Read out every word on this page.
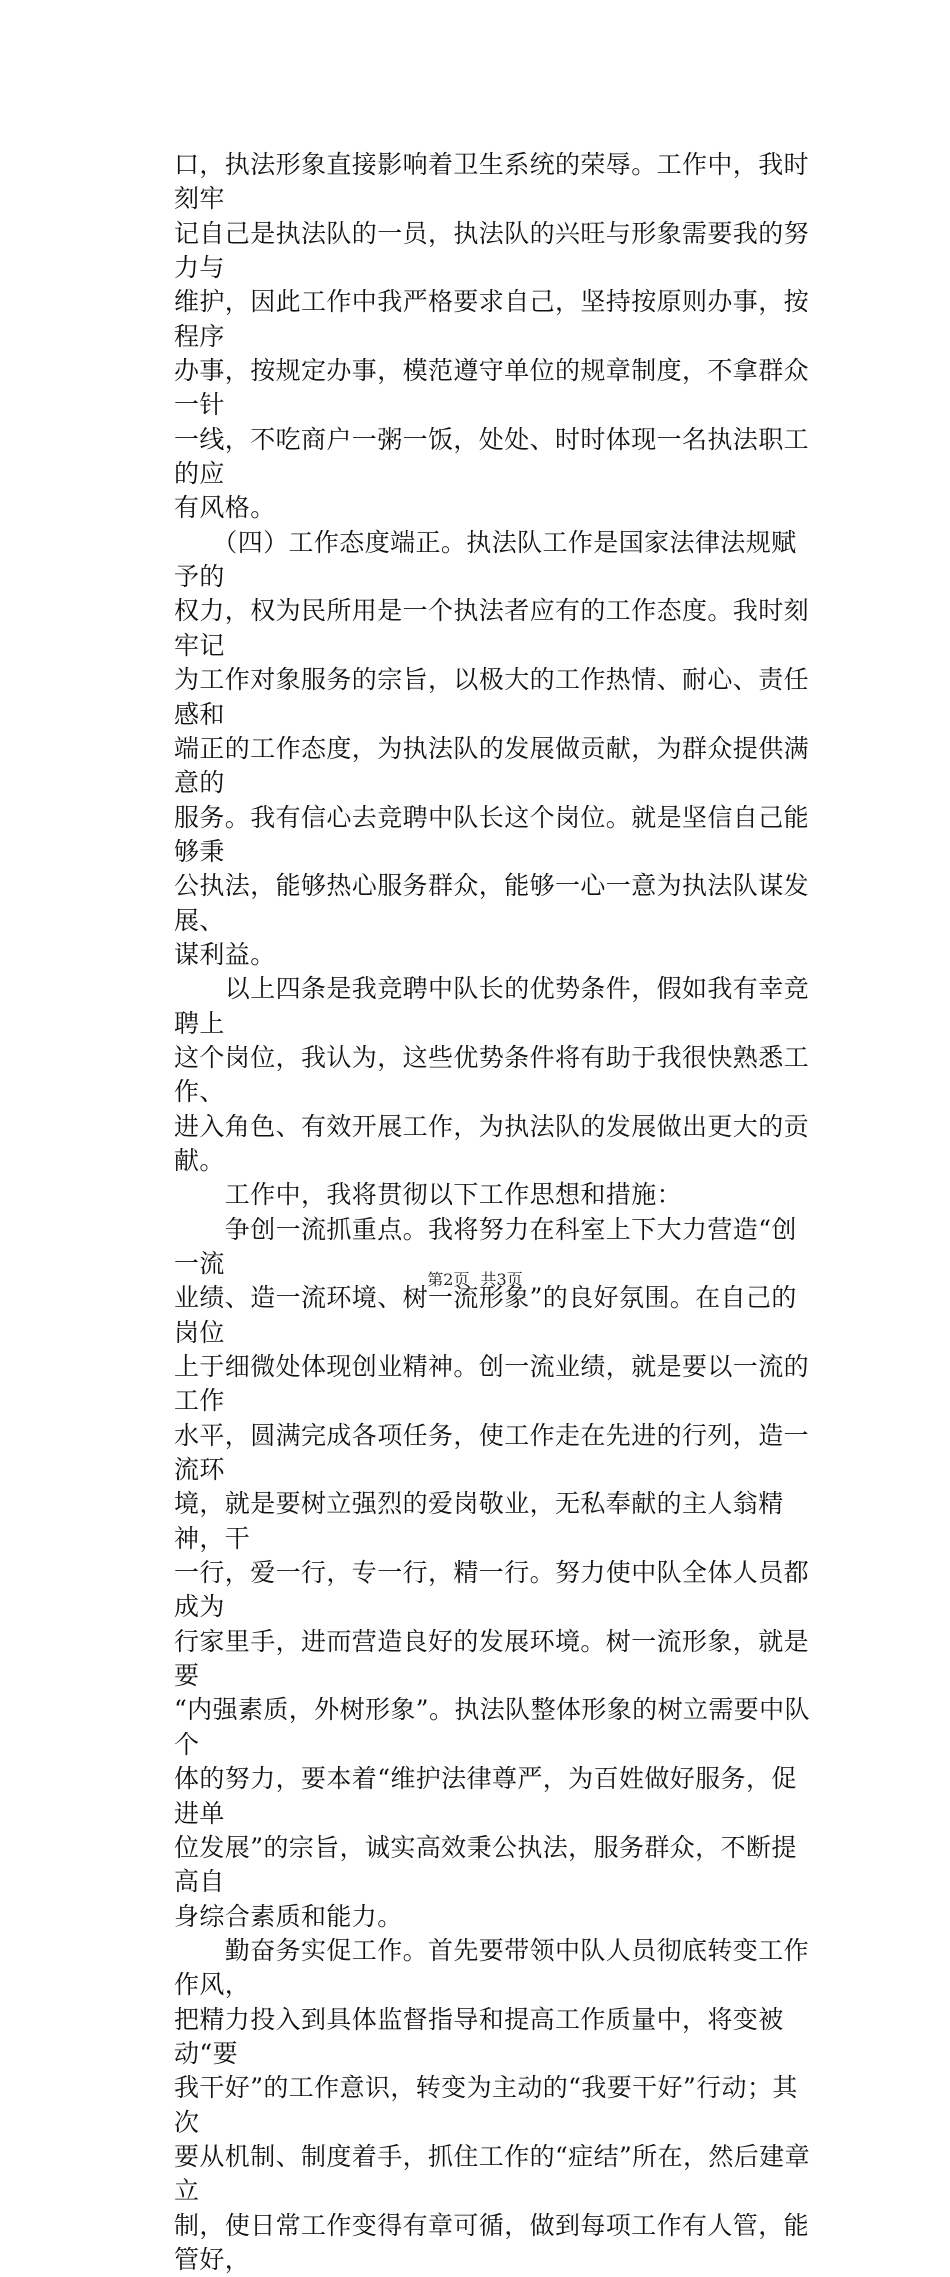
口，执法形象直接影响着卫生系统的荣辱。工作中，我时刻牢
记自己是执法队的一员，执法队的兴旺与形象需要我的努力与
维护，因此工作中我严格要求自己，坚持按原则办事，按程序
办事，按规定办事，模范遵守单位的规章制度，不拿群众一针
一线，不吃商户一粥一饭，处处、时时体现一名执法职工的应
有风格。

　　（四）工作态度端正。执法队工作是国家法律法规赋予的
权力，权为民所用是一个执法者应有的工作态度。我时刻牢记
为工作对象服务的宗旨，以极大的工作热情、耐心、责任感和
端正的工作态度，为执法队的发展做贡献，为群众提供满意的
服务。我有信心去竞聘中队长这个岗位。就是坚信自己能够秉
公执法，能够热心服务群众，能够一心一意为执法队谋发展、
谋利益。

　　以上四条是我竞聘中队长的优势条件，假如我有幸竞聘上
这个岗位，我认为，这些优势条件将有助于我很快熟悉工作、
进入角色、有效开展工作，为执法队的发展做出更大的贡献。

　　工作中，我将贯彻以下工作思想和措施：

　　争创一流抓重点。我将努力在科室上下大力营造“创一流
业绩、造一流环境、树一流形象”的良好氛围。在自己的岗位
上于细微处体现创业精神。创一流业绩，就是要以一流的工作
水平，圆满完成各项任务，使工作走在先进的行列，造一流环
境，就是要树立强烈的爱岗敬业，无私奉献的主人翁精神，干
一行，爱一行，专一行，精一行。努力使中队全体人员都成为
行家里手，进而营造良好的发展环境。树一流形象，就是要
“内强素质，外树形象”。执法队整体形象的树立需要中队个
体的努力，要本着“维护法律尊严，为百姓做好服务，促进单
位发展”的宗旨，诚实高效秉公执法，服务群众，不断提高自
身综合素质和能力。

　　勤奋务实促工作。首先要带领中队人员彻底转变工作作风，
把精力投入到具体监督指导和提高工作质量中，将变被动“要
我干好”的工作意识，转变为主动的“我要干好”行动；其次
要从机制、制度着手，抓住工作的“症结”所在，然后建章立
制，使日常工作变得有章可循，做到每项工作有人管，能管好，

第2页 共3页
